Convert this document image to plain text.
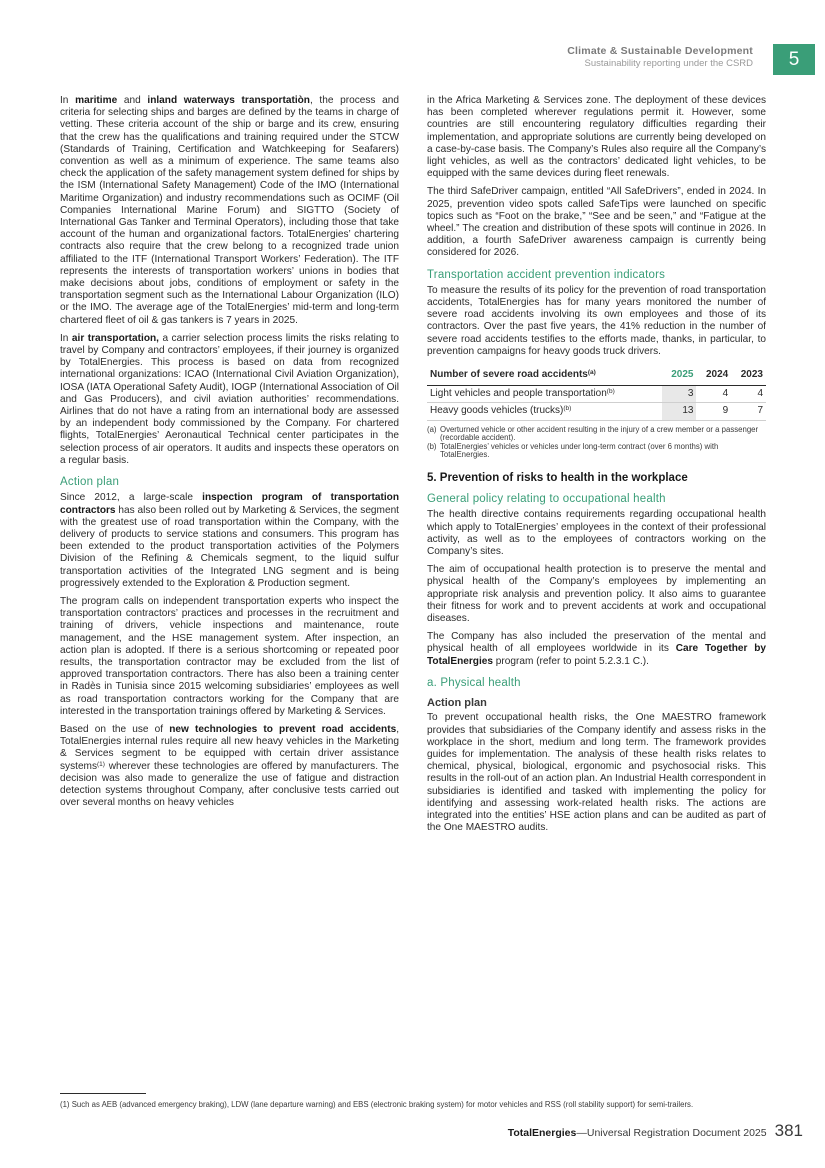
Climate & Sustainable Development
Sustainability reporting under the CSRD	5

In maritime and inland waterways transportatiòn, the process and criteria for selecting ships and barges are defined by the teams in charge of vetting. These criteria account of the ship or barge and its crew, ensuring that the crew has the qualifications and training required under the STCW (Standards of Training, Certification and Watchkeeping for Seafarers) convention as well as a minimum of experience. The same teams also check the application of the safety management system defined for ships by the ISM (International Safety Management) Code of the IMO (International Maritime Organization) and industry recommendations such as OCIMF (Oil Companies International Marine Forum) and SIGTTO (Society of International Gas Tanker and Terminal Operators), including those that take account of the human and organizational factors. TotalEnergies’ chartering contracts also require that the crew belong to a recognized trade union affiliated to the ITF (International Transport Workers’ Federation). The ITF represents the interests of transportation workers’ unions in bodies that make decisions about jobs, conditions of employment or safety in the transportation segment such as the International Labour Organization (ILO) or the IMO. The average age of the TotalEnergies’ mid-term and long-term chartered fleet of oil & gas tankers is 7 years in 2025.

In air transportation, a carrier selection process limits the risks relating to travel by Company and contractors’ employees, if their journey is organized by TotalEnergies. This process is based on data from recognized international organizations: ICAO (International Civil Aviation Organization), IOSA (IATA Operational Safety Audit), IOGP (International Association of Oil and Gas Producers), and civil aviation authorities’ recommendations. Airlines that do not have a rating from an international body are assessed by an independent body commissioned by the Company. For chartered flights, TotalEnergies’ Aeronautical Technical center participates in the selection process of air operators. It audits and inspects these operators on a regular basis.

Action plan

Since 2012, a large-scale inspection program of transportation contractors has also been rolled out by Marketing & Services, the segment with the greatest use of road transportation within the Company, with the delivery of products to service stations and consumers. This program has been extended to the product transportation activities of the Polymers Division of the Refining & Chemicals segment, to the liquid sulfur transportation activities of the Integrated LNG segment and is being progressively extended to the Exploration & Production segment.

The program calls on independent transportation experts who inspect the transportation contractors’ practices and processes in the recruitment and training of drivers, vehicle inspections and maintenance, route management, and the HSE management system. After inspection, an action plan is adopted. If there is a serious shortcoming or repeated poor results, the transportation contractor may be excluded from the list of approved transportation contractors. There has also been a training center in Radès in Tunisia since 2015 welcoming subsidiaries’ employees as well as road transportation contractors working for the Company that are interested in the transportation trainings offered by Marketing & Services.

Based on the use of new technologies to prevent road accidents, TotalEnergies internal rules require all new heavy vehicles in the Marketing & Services segment to be equipped with certain driver assistance systems$^{(1)}$ wherever these technologies are offered by manufacturers. The decision was also made to generalize the use of fatigue and distraction detection systems throughout Company, after conclusive tests carried out over several months on heavy vehicles

in the Africa Marketing & Services zone. The deployment of these devices has been completed wherever regulations permit it. However, some countries are still encountering regulatory difficulties regarding their implementation, and appropriate solutions are currently being developed on a case-by-case basis. The Company’s Rules also require all the Company’s light vehicles, as well as the contractors’ dedicated light vehicles, to be equipped with the same devices during fleet renewals.

The third SafeDriver campaign, entitled “All SafeDrivers”, ended in 2024. In 2025, prevention video spots called SafeTips were launched on specific topics such as “Foot on the brake,” “See and be seen,” and “Fatigue at the wheel.” The creation and distribution of these spots will continue in 2026. In addition, a fourth SafeDriver awareness campaign is currently being considered for 2026.

Transportation accident prevention indicators

To measure the results of its policy for the prevention of road transportation accidents, TotalEnergies has for many years monitored the number of severe road accidents involving its own employees and those of its contractors. Over the past five years, the 41% reduction in the number of severe road accidents testifies to the efforts made, thanks, in particular, to prevention campaigns for heavy goods truck drivers.

Number of severe road accidents$^{(a)}$	2025	2024	2023
Light vehicles and people transportation$^{(b)}$	3	4	4
Heavy goods vehicles (trucks)$^{(b)}$	13	9	7
(a) Overturned vehicle or other accident resulting in the injury of a crew member or a passenger (recordable accident).
(b) TotalEnergies’ vehicles or vehicles under long-term contract (over 6 months) with TotalEnergies.
5. Prevention of risks to health in the workplace
General policy relating to occupational health

The health directive contains requirements regarding occupational health which apply to TotalEnergies’ employees in the context of their professional activity, as well as to the employees of contractors working on the Company’s sites.

The aim of occupational health protection is to preserve the mental and physical health of the Company’s employees by implementing an appropriate risk analysis and prevention policy. It also aims to guarantee their fitness for work and to prevent accidents at work and occupational diseases.

The Company has also included the preservation of the mental and physical health of all employees worldwide in its Care Together by TotalEnergies program (refer to point 5.2.3.1 C.).

a. Physical health
Action plan

To prevent occupational health risks, the One MAESTRO framework provides that subsidiaries of the Company identify and assess risks in the workplace in the short, medium and long term. The framework provides guides for implementation. The analysis of these health risks relates to chemical, physical, biological, ergonomic and psychosocial risks. This results in the roll-out of an action plan. An Industrial Health correspondent in subsidiaries is identified and tasked with implementing the policy for identifying and assessing work-related health risks. The actions are integrated into the entities’ HSE action plans and can be audited as part of the One MAESTRO audits.

(1) Such as AEB (advanced emergency braking), LDW (lane departure warning) and EBS (electronic braking system) for motor vehicles and RSS (roll stability support) for semi-trailers.
TotalEnergies — Universal Registration Document 2025 381
